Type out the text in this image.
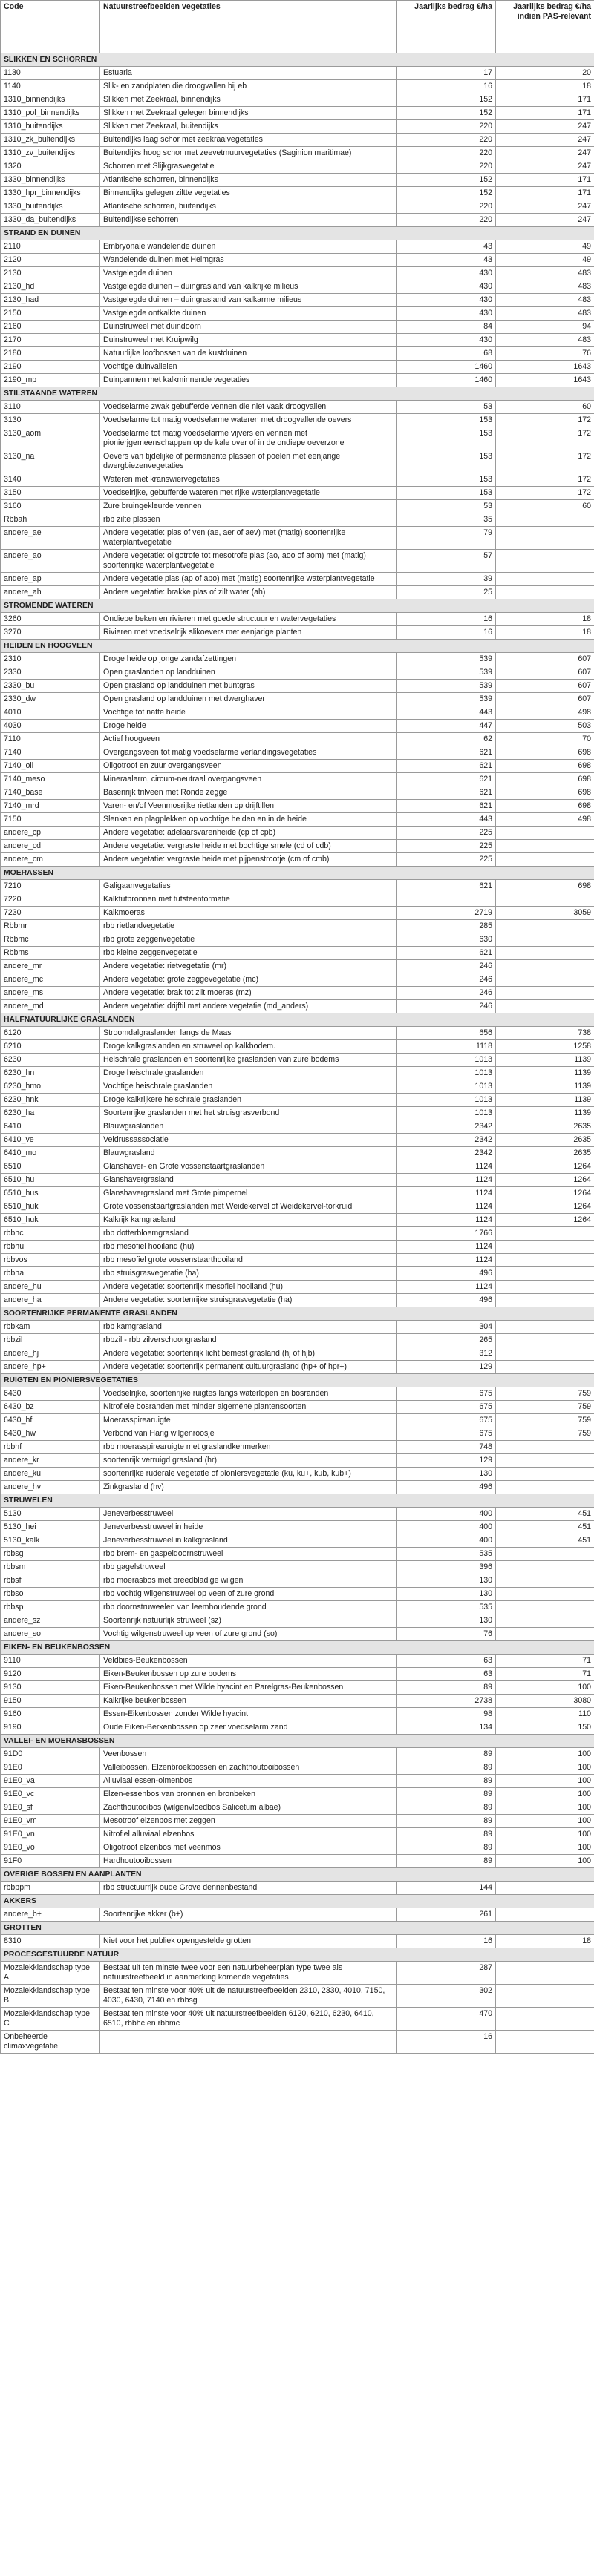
Code	Natuurstreefbeelden vegetaties	Jaarlijks bedrag €/ha	Jaarlijks bedrag €/ha indien PAS-relevant
SLIKKEN EN SCHORREN			
1130	Estuaria	17	20
1140	Slik- en zandplaten die droogvallen bij eb	16	18
1310_binnendijks	Slikken met Zeekraal, binnendijks	152	171
1310_pol_binnendijks	Slikken met Zeekraal gelegen binnendijks	152	171
1310_buitendijks	Slikken met Zeekraal, buitendijks	220	247
1310_zk_buitendijks	Buitendijks laag schor met zeekraalvegetaties	220	247
1310_zv_buitendijks	Buitendijks hoog schor met zeevetmuurvegetaties (Saginion maritimae)	220	247
1320	Schorren met Slijkgrasvegetatie	220	247
1330_binnendijks	Atlantische schorren, binnendijks	152	171
1330_hpr_binnendijks	Binnendijks gelegen ziltte vegetaties	152	171
1330_buitendijks	Atlantische schorren, buitendijks	220	247
1330_da_buitendijks	Buitendijkse schorren	220	247
STRAND EN DUINEN			
2110	Embryonale wandelende duinen	43	49
2120	Wandelende duinen met Helmgras	43	49
2130	Vastgelegde duinen	430	483
2130_hd	Vastgelegde duinen – duingrasland van kalkrijke milieus	430	483
2130_had	Vastgelegde duinen – duingrasland van kalkarme milieus	430	483
2150	Vastgelegde ontkalkte duinen	430	483
2160	Duinstruweel met duindoorn	84	94
2170	Duinstruweel met Kruipwilg	430	483
2180	Natuurlijke loofbossen van de kustduinen	68	76
2190	Vochtige duinvalleien	1460	1643
2190_mp	Duinpannen met kalkminnende vegetaties	1460	1643
STILSTAANDE WATEREN			
3110	Voedselarme zwak gebufferde vennen die niet vaak droogvallen	53	60
3130	Voedselarme tot matig voedselarme wateren met droogvallende oevers	153	172
3130_aom	Voedselarme tot matig voedselarme vijvers en vennen met pionierjgemeenschappen op de kale over of in de ondiepe oeverzone	153	172
3130_na	Oevers van tijdelijke of permanente plassen of poelen met eenjarige dwergbiezenvegetaties	153	172
3140	Wateren met kranswiervegetaties	153	172
3150	Voedselrijke, gebufferde wateren met rijke waterplantvegetatie	153	172
3160	Zure bruingekleurde vennen	53	60
Rbbah	rbb zilte plassen	35	
andere_ae	Andere vegetatie: plas of ven (ae, aer of aev) met (matig) soortenrijke waterplantvegetatie	79	
andere_ao	Andere vegetatie: oligotrofe tot mesotrofe plas (ao, aoo of aom) met (matig) soortenrijke waterplantvegetatie	57	
andere_ap	Andere vegetatie plas (ap of apo) met (matig) soortenrijke waterplantvegetatie	39	
andere_ah	Andere vegetatie: brakke plas of zilt water (ah)	25	
STROMENDE WATEREN			
3260	Ondiepe beken en rivieren met goede structuur en watervegetaties	16	18
3270	Rivieren met voedselrijk slikoevers met eenjarige planten	16	18
HEIDEN EN HOOGVEEN			
2310	Droge heide op jonge zandafzettingen	539	607
2330	Open graslanden op landduinen	539	607
2330_bu	Open grasland op landduinen met buntgras	539	607
2330_dw	Open grasland op landduinen met dwerghaver	539	607
4010	Vochtige tot natte heide	443	498
4030	Droge heide	447	503
7110	Actief hoogveen	62	70
7140	Overgangsveen tot matig voedselarme verlandingsvegetaties	621	698
7140_oli	Oligotroof en zuur overgangsveen	621	698
7140_meso	Mineraalarm, circum-neutraal overgangsveen	621	698
7140_base	Basenrijk trilveen met Ronde zegge	621	698
7140_mrd	Varen- en/of Veenmosrijke rietlanden op drijftillen	621	698
7150	Slenken en plagplekken op vochtige heiden en in de heide	443	498
andere_cp	Andere vegetatie: adelaarsvarenheide (cp of cpb)	225	
andere_cd	Andere vegetatie: vergraste heide met bochtige smele (cd of cdb)	225	
andere_cm	Andere vegetatie: vergraste heide met pijpenstrootje (cm of cmb)	225	
MOERASSEN			
7210	Galigaanvegetaties	621	698
7220	Kalktufbronnen met tufsteenformatie		
7230	Kalkmoeras	2719	3059
Rbbmr	rbb rietlandvegetatie	285	
Rbbmc	rbb grote zeggenvegetatie	630	
Rbbms	rbb kleine zeggenvegetatie	621	
andere_mr	Andere vegetatie: rietvegetatie (mr)	246	
andere_mc	Andere vegetatie: grote zeggevegetatie (mc)	246	
andere_ms	Andere vegetatie: brak tot zilt moeras (mz)	246	
andere_md	Andere vegetatie: drijftil met andere vegetatie (md_anders)	246	
HALFNATUURLIJKE GRASLANDEN			
6120	Stroomdalgraslanden langs de Maas	656	738
6210	Droge kalkgraslanden en struweel op kalkbodem.	1118	1258
6230	Heischrale graslanden en soortenrijke graslanden van zure bodems	1013	1139
6230_hn	Droge heischrale graslanden	1013	1139
6230_hmo	Vochtige heischrale graslanden	1013	1139
6230_hnk	Droge kalkrijkere heischrale graslanden	1013	1139
6230_ha	Soortenrijke graslanden met het struisgrasverbond	1013	1139
6410	Blauwgraslanden	2342	2635
6410_ve	Veldrussassociatie	2342	2635
6410_mo	Blauwgrasland	2342	2635
6510	Glanshaver- en Grote vossenstaartgraslanden	1124	1264
6510_hu	Glanshavergrasland	1124	1264
6510_hus	Glanshavergrasland met Grote pimpernel	1124	1264
6510_huk	Grote vossenstaartgraslanden met Weidekervel of Weidekervel-torkruid	1124	1264
6510_huk	Kalkrijk kamgrasland	1124	1264
rbbhc	rbb dotterbloemgrasland	1766	
rbbhu	rbb mesofiel hooiland (hu)	1124	
rbbvos	rbb mesofiel grote vossenstaarthooiland	1124	
rbbha	rbb struisgrasvegetatie (ha)	496	
andere_hu	Andere vegetatie: soortenrijk mesofiel hooiland (hu)	1124	
andere_ha	Andere vegetatie: soortenrijke struisgrasvegetatie (ha)	496	
SOORTENRIJKE PERMANENTE GRASLANDEN			
rbbkam	rbb kamgrasland	304	
rbbzil	rbbzil - rbb zilverschoongrasland	265	
andere_hj	Andere vegetatie: soortenrijk licht bemest grasland (hj of hjb)	312	
andere_hp+	Andere vegetatie: soortenrijk permanent cultuurgrasland (hp+ of hpr+)	129	
RUIGTEN EN PIONIERSVEGETATIES			
6430	Voedselrijke, soortenrijke ruigtes langs waterlopen en bosranden	675	759
6430_bz	Nitrofiele bosranden met minder algemene plantensoorten	675	759
6430_hf	Moerasspirearuigte	675	759
6430_hw	Verbond van Harig wilgenroosje	675	759
rbbhf	rbb moerasspirearuigte met graslandkenmerken	748	
andere_kr	soortenrijk verruigd grasland (hr)	129	
andere_ku	soortenrijke ruderale vegetatie of pioniersvegetatie (ku, ku+, kub, kub+)	130	
andere_hv	Zinkgrasland (hv)	496	
STRUWELEN			
5130	Jeneverbesstruweel	400	451
5130_hei	Jeneverbesstruweel in heide	400	451
5130_kalk	Jeneverbesstruweel in kalkgrasland	400	451
rbbsg	rbb brem- en gaspeldoornstruweel	535	
rbbsm	rbb gagelstruweel	396	
rbbsf	rbb moerasbos met breedbladige wilgen	130	
rbbso	rbb vochtig wilgenstruweel op veen of zure grond	130	
rbbsp	rbb doornstruweelen van leemhoudende grond	535	
andere_sz	Soortenrijk natuurlijk struweel (sz)	130	
andere_so	Vochtig wilgenstruweel op veen of zure grond (so)	76	
EIKEN- EN BEUKENBOSSEN			
9110	Veldbies-Beukenbossen	63	71
9120	Eiken-Beukenbossen op zure bodems	63	71
9130	Eiken-Beukenbossen met Wilde hyacint en Parelgras-Beukenbossen	89	100
9150	Kalkrijke beukenbossen	2738	3080
9160	Essen-Eikenbossen zonder Wilde hyacint	98	110
9190	Oude Eiken-Berkenbossen op zeer voedselarm zand	134	150
VALLEI- EN MOERASBOSSEN			
91D0	Veenbossen	89	100
91E0	Valleibossen, Elzenbroekbossen en zachthoutooibossen	89	100
91E0_va	Alluviaal essen-olmenbos	89	100
91E0_vc	Elzen-essenbos van bronnen en bronbeken	89	100
91E0_sf	Zachthoutooibos (wilgenvloedbos Salicetum albae)	89	100
91E0_vm	Mesotroof elzenbos met zeggen	89	100
91E0_vn	Nitrofiel alluviaal elzenbos	89	100
91E0_vo	Oligotroof elzenbos met veenmos	89	100
91F0	Hardhoutooibossen	89	100
OVERIGE BOSSEN EN AANPLANTEN			
rbbppm	rbb structuurrijk oude Grove dennenbestand	144	
AKKERS			
andere_b+	Soortenrijke akker (b+)	261	
GROTTEN			
8310	Niet voor het publiek opengestelde grotten	16	18
PROCESGESTUURDE NATUUR			
Mozaiekklandschap type A	Bestaat uit ten minste twee voor een natuurbeheerplan type twee als natuurstreefbeeld in aanmerking komende vegetaties	287	
Mozaiekklandschap type B	Bestaat ten minste voor 40% uit de natuurstreefbeelden 2310, 2330, 4010, 7150, 4030, 6430, 7140 en rbbsg	302	
Mozaiekklandschap type C	Bestaat ten minste voor 40% uit natuurstreefbeelden 6120, 6210, 6230, 6410, 6510, rbbhc en rbbmc	470	
Onbeheerde climaxvegetatie		16	
